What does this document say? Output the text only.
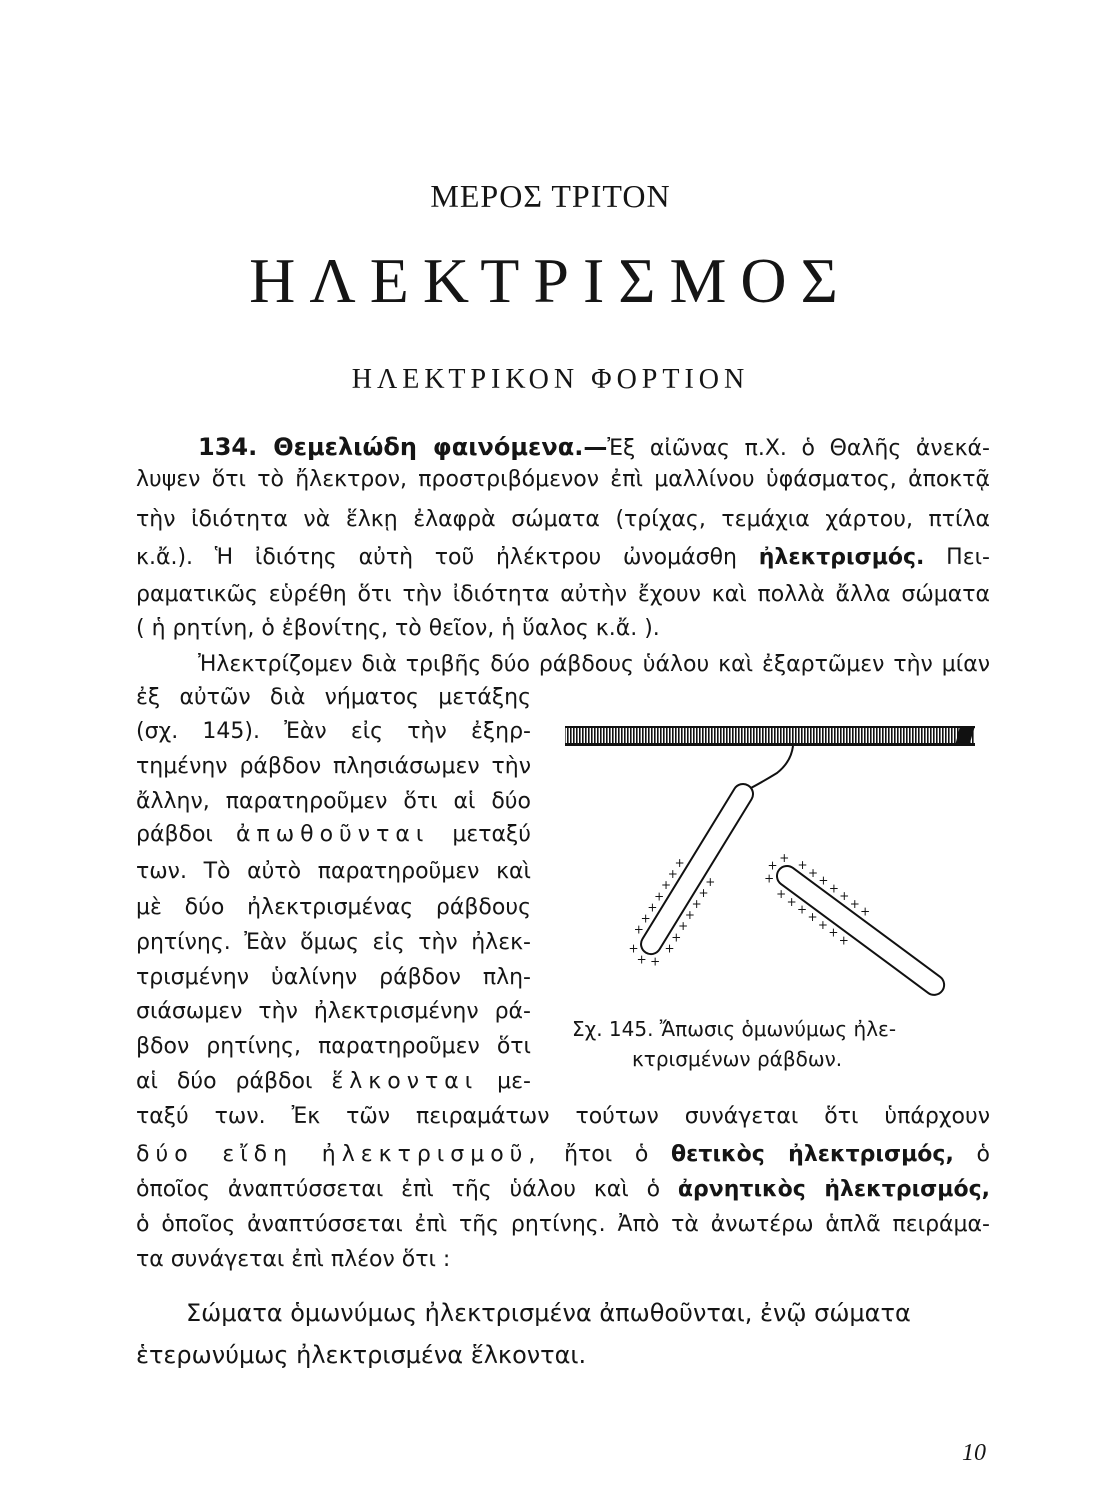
ΜΕΡΟΣ ΤΡΙΤΟΝ
ΗΛΕΚΤΡΙΣΜΟΣ
ΗΛΕΚΤΡΙΚΟΝ ΦΟΡΤΙΟΝ
134. Θεμελιώδη φαινόμενα.—Ἐξ αἰῶνας π.Χ. ὁ Θαλῆς ἀνεκά-
λυψεν ὅτι τὸ ἤλεκτρον, προστριβόμενον ἐπὶ μαλλίνου ὑφάσματος, ἀποκτᾷ
τὴν ἰδιότητα νὰ ἕλκῃ ἐλαφρὰ σώματα (τρίχας, τεμάχια χάρτου, πτίλα
κ.ἄ.). Ἡ ἰδιότης αὐτὴ τοῦ ἠλέκτρου ὠνομάσθη ἠλεκτρισμός. Πει-
ραματικῶς εὑρέθη ὅτι τὴν ἰδιότητα αὐτὴν ἔχουν καὶ πολλὰ ἄλλα σώματα
( ἡ ρητίνη, ὁ ἐβονίτης, τὸ θεῖον, ἡ ὕαλος κ.ἄ. ).
Ἠλεκτρίζομεν διὰ τριβῆς δύο ράβδους ὑάλου καὶ ἐξαρτῶμεν τὴν μίαν
ἐξ αὐτῶν διὰ νήματος μετάξης
(σχ. 145). Ἐὰν εἰς τὴν ἐξηρ-
τημένην ράβδον πλησιάσωμεν τὴν
ἄλλην, παρατηροῦμεν ὅτι αἱ δύο
ράβδοι ἀπωθοῦνται μεταξύ
των. Τὸ αὐτὸ παρατηροῦμεν καὶ
μὲ δύο ἠλεκτρισμένας ράβδους
ρητίνης. Ἐὰν ὅμως εἰς τὴν ἠλεκ-
τρισμένην ὑαλίνην ράβδον πλη-
σιάσωμεν τὴν ἠλεκτρισμένην ρά-
βδον ρητίνης, παρατηροῦμεν ὅτι
αἱ δύο ράβδοι ἕλκονται με-
ταξύ των. Ἐκ τῶν πειραμάτων τούτων συνάγεται ὅτι ὑπάρχουν
δύο εἴδη ἠλεκτρισμοῦ, ἤτοι ὁ θετικὸς ἠλεκτρισμός, ὁ
ὁποῖος ἀναπτύσσεται ἐπὶ τῆς ὑάλου καὶ ὁ ἀρνητικὸς ἠλεκτρισμός,
ὁ ὁποῖος ἀναπτύσσεται ἐπὶ τῆς ρητίνης. Ἀπὸ τὰ ἀνωτέρω ἁπλᾶ πειράμα-
τα συνάγεται ἐπὶ πλέον ὅτι :
Σώματα ὁμωνύμως ἠλεκτρισμένα ἀπωθοῦνται, ἐνῷ σώματα
ἑτερωνύμως ἠλεκτρισμένα ἕλκονται.
+
+
+
+
+
+
+
+
+
+
+
+
+
+
+
+
+
+
+
+
+
+
+
+
+
+
+
+
+
+
+
+
+
+
Σχ. 145. Ἄπωσις ὁμωνύμως ἠλε-
κτρισμένων ράβδων.
10
